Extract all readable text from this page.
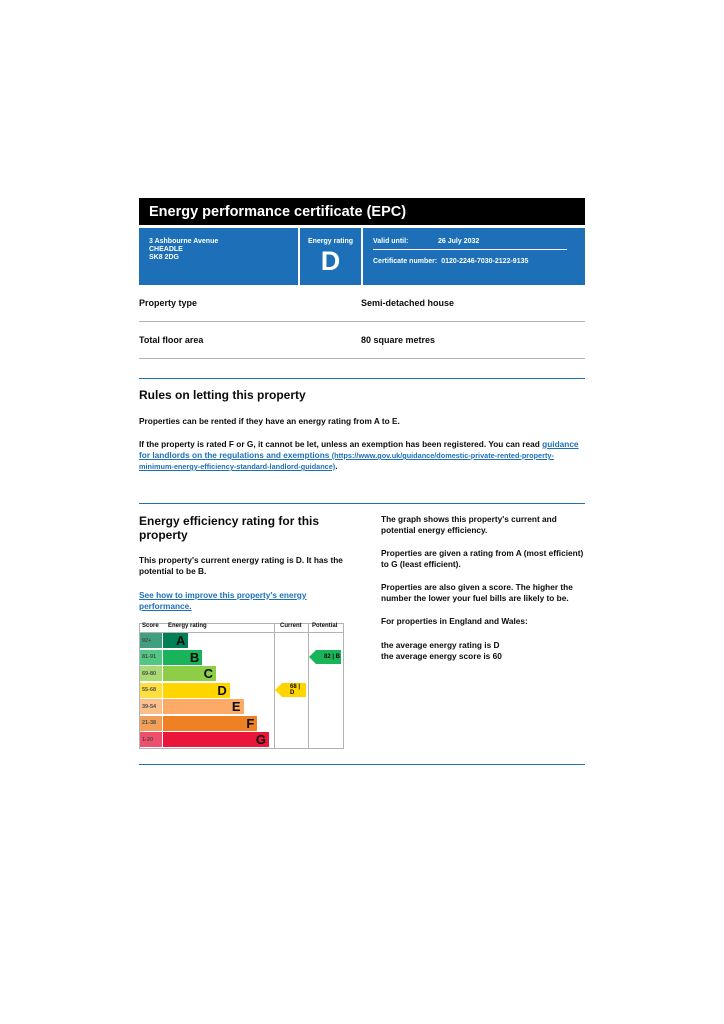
Energy performance certificate (EPC)
3 Ashbourne Avenue
CHEADLE
SK8 2DG
Energy rating
D
Valid until:	26 July 2032
Certificate number: 0120-2246-7030-2122-9135
Property type	Semi-detached house
Total floor area	80 square metres
Rules on letting this property

Properties can be rented if they have an energy rating from A to E.

If the property is rated F or G, it cannot be let, unless an exemption has been registered. You can read guidance for landlords on the regulations and exemptions (https://www.gov.uk/guidance/domestic-private-rented-property-minimum-energy-efficiency-standard-landlord-guidance).

Energy efficiency rating for this property

This property's current energy rating is D. It has the potential to be B.

See how to improve this property's energy performance.

Score Energy rating	Current Potential
92+	A
81-91	B
69-80	C
55-68	D
39-54	E
21-38	F
1-20	G
68 | D
82 | B

The graph shows this property's current and potential energy efficiency.

Properties are given a rating from A (most efficient) to G (least efficient).

Properties are also given a score. The higher the number the lower your fuel bills are likely to be.

For properties in England and Wales:

the average energy rating is D

the average energy score is 60
